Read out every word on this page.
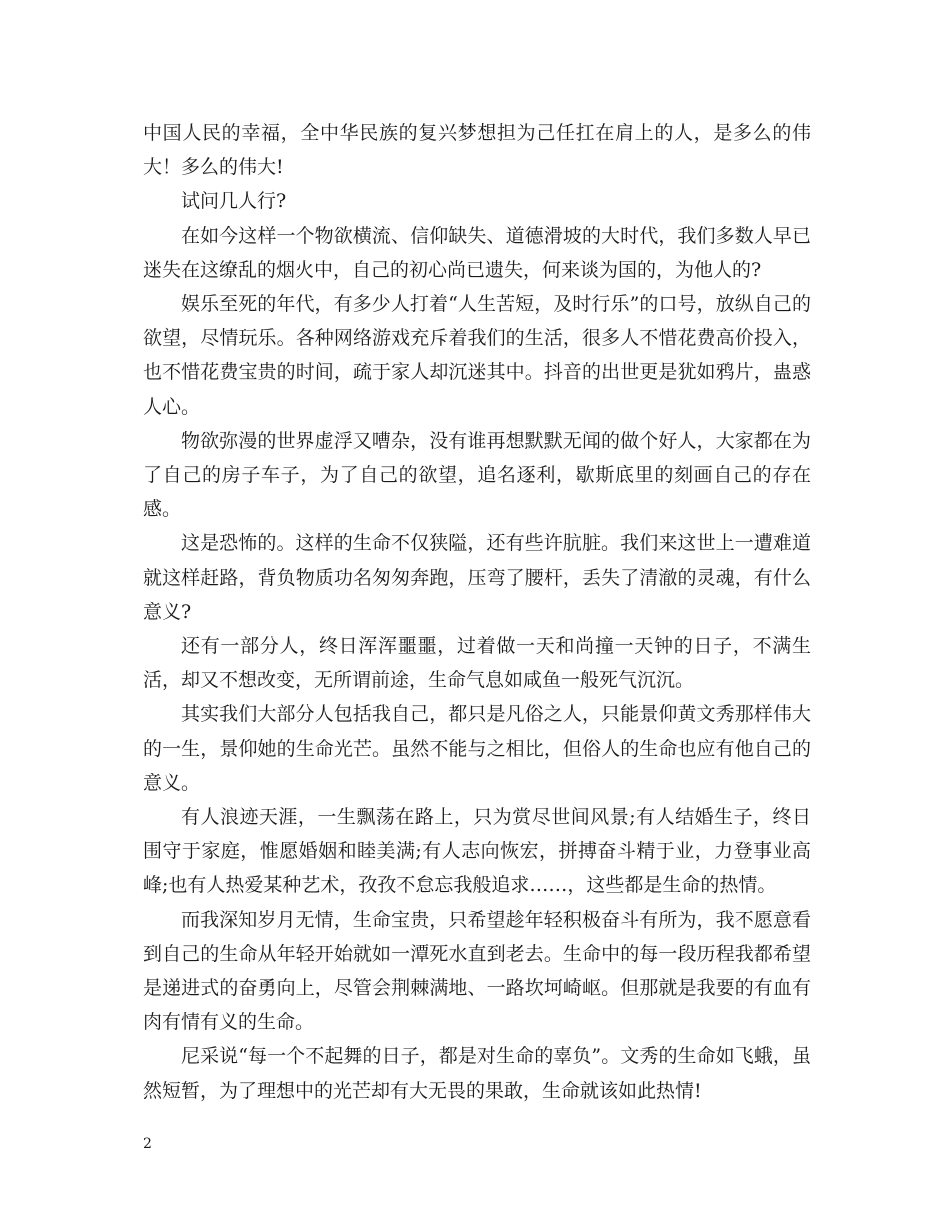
中国人民的幸福，全中华民族的复兴梦想担为己任扛在肩上的人，是多么的伟大！多么的伟大!

试问几人行?

在如今这样一个物欲横流、信仰缺失、道德滑坡的大时代，我们多数人早已迷失在这缭乱的烟火中，自己的初心尚已遗失，何来谈为国的，为他人的?

娱乐至死的年代，有多少人打着“人生苦短，及时行乐”的口号，放纵自己的欲望，尽情玩乐。各种网络游戏充斥着我们的生活，很多人不惜花费高价投入，也不惜花费宝贵的时间，疏于家人却沉迷其中。抖音的出世更是犹如鸦片，蛊惑人心。

物欲弥漫的世界虚浮又嘈杂，没有谁再想默默无闻的做个好人，大家都在为了自己的房子车子，为了自己的欲望，追名逐利，歇斯底里的刻画自己的存在感。

这是恐怖的。这样的生命不仅狭隘，还有些许肮脏。我们来这世上一遭难道就这样赶路，背负物质功名匆匆奔跑，压弯了腰杆，丢失了清澈的灵魂，有什么意义?

还有一部分人，终日浑浑噩噩，过着做一天和尚撞一天钟的日子，不满生活，却又不想改变，无所谓前途，生命气息如咸鱼一般死气沉沉。

其实我们大部分人包括我自己，都只是凡俗之人，只能景仰黄文秀那样伟大的一生，景仰她的生命光芒。虽然不能与之相比，但俗人的生命也应有他自己的意义。

有人浪迹天涯，一生飘荡在路上，只为赏尽世间风景;有人结婚生子，终日围守于家庭，惟愿婚姻和睦美满;有人志向恢宏，拼搏奋斗精于业，力登事业高峰;也有人热爱某种艺术，孜孜不怠忘我般追求……，这些都是生命的热情。

而我深知岁月无情，生命宝贵，只希望趁年轻积极奋斗有所为，我不愿意看到自己的生命从年轻开始就如一潭死水直到老去。生命中的每一段历程我都希望是递进式的奋勇向上，尽管会荆棘满地、一路坎坷崎岖。但那就是我要的有血有肉有情有义的生命。

尼采说“每一个不起舞的日子，都是对生命的辜负”。文秀的生命如飞蛾，虽然短暂，为了理想中的光芒却有大无畏的果敢，生命就该如此热情!

2
